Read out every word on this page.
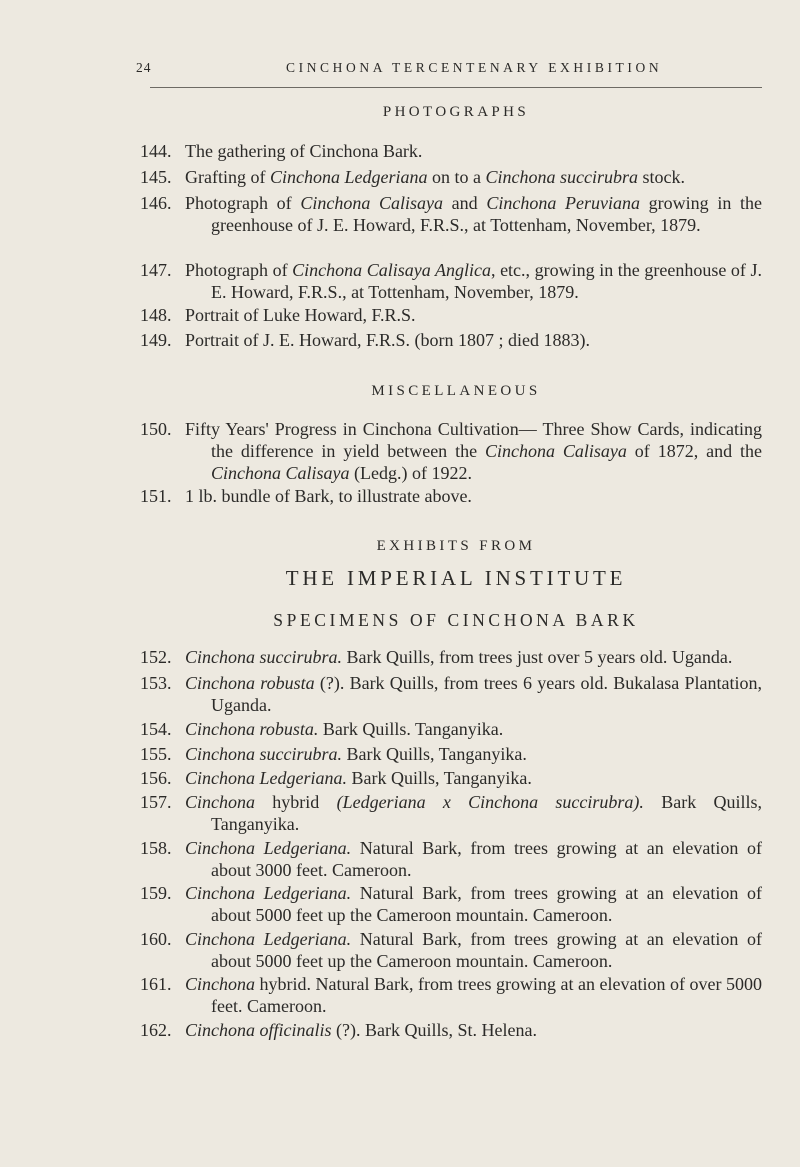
24	CINCHONA TERCENTENARY EXHIBITION
PHOTOGRAPHS
144. The gathering of Cinchona Bark.
145. Grafting of Cinchona Ledgeriana on to a Cinchona succirubra stock.
146. Photograph of Cinchona Calisaya and Cinchona Peruviana growing in the greenhouse of J. E. Howard, F.R.S., at Tottenham, November, 1879.
147. Photograph of Cinchona Calisaya Anglica, etc., growing in the greenhouse of J. E. Howard, F.R.S., at Tottenham, November, 1879.
148. Portrait of Luke Howard, F.R.S.
149. Portrait of J. E. Howard, F.R.S. (born 1807 ; died 1883).
MISCELLANEOUS
150. Fifty Years' Progress in Cinchona Cultivation— Three Show Cards, indicating the difference in yield between the Cinchona Calisaya of 1872, and the Cinchona Calisaya (Ledg.) of 1922.
151. 1 lb. bundle of Bark, to illustrate above.
EXHIBITS FROM
THE IMPERIAL INSTITUTE
SPECIMENS OF CINCHONA BARK
152. Cinchona succirubra. Bark Quills, from trees just over 5 years old. Uganda.
153. Cinchona robusta (?). Bark Quills, from trees 6 years old. Bukalasa Plantation, Uganda.
154. Cinchona robusta. Bark Quills. Tanganyika.
155. Cinchona succirubra. Bark Quills, Tanganyika.
156. Cinchona Ledgeriana. Bark Quills, Tanganyika.
157. Cinchona hybrid (Ledgeriana x Cinchona succirubra). Bark Quills, Tanganyika.
158. Cinchona Ledgeriana. Natural Bark, from trees growing at an elevation of about 3000 feet. Cameroon.
159. Cinchona Ledgeriana. Natural Bark, from trees growing at an elevation of about 5000 feet up the Cameroon mountain. Cameroon.
160. Cinchona Ledgeriana. Natural Bark, from trees growing at an elevation of about 5000 feet up the Cameroon mountain. Cameroon.
161. Cinchona hybrid. Natural Bark, from trees growing at an elevation of over 5000 feet. Cameroon.
162. Cinchona officinalis (?). Bark Quills, St. Helena.
